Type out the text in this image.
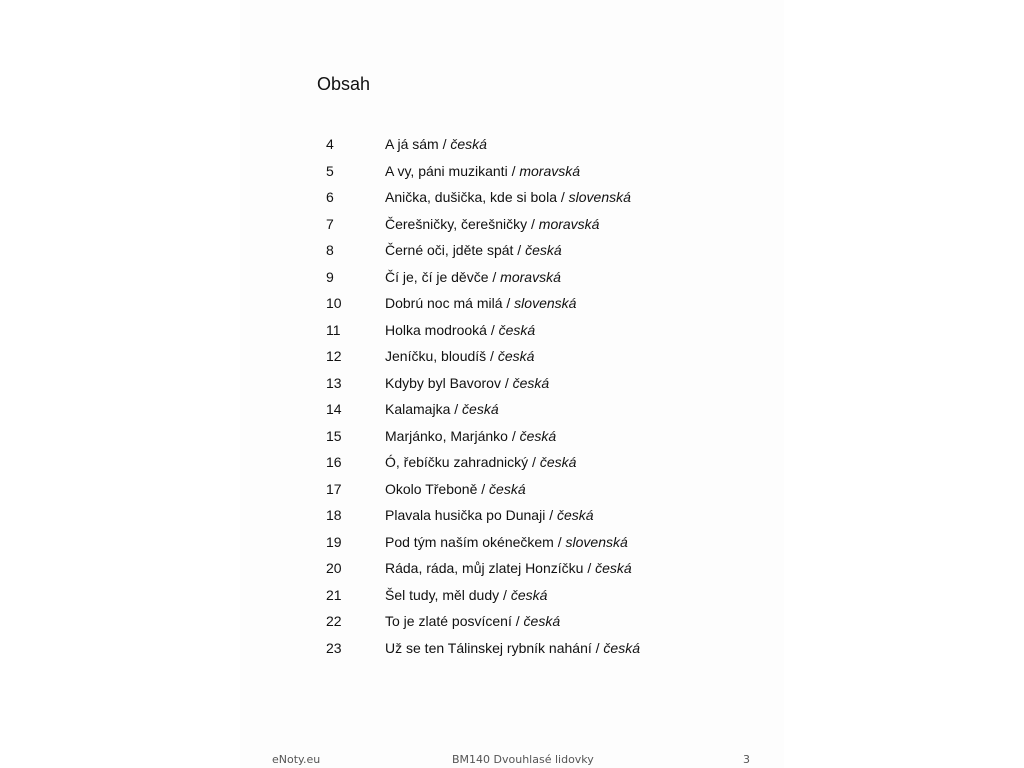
Obsah
4	A já sám / česká
5	A vy, páni muzikanti / moravská
6	Anička, dušička, kde si bola / slovenská
7	Čerešničky, čerešničky / moravská
8	Černé oči, jděte spát / česká
9	Čí je, čí je děvče / moravská
10	Dobrú noc má milá / slovenská
11	Holka modrooká / česká
12	Jeníčku, bloudíš / česká
13	Kdyby byl Bavorov / česká
14	Kalamajka / česká
15	Marjánko, Marjánko / česká
16	Ó, řebíčku zahradnický / česká
17	Okolo Třeboně / česká
18	Plavala husička po Dunaji / česká
19	Pod tým naším okénečkem / slovenská
20	Ráda, ráda, můj zlatej Honzíčku / česká
21	Šel tudy, měl dudy / česká
22	To je zlaté posvícení / česká
23	Už se ten Tálinskej rybník nahání / česká
eNoty.eu	BM140 Dvouhlasé lidovky	3
